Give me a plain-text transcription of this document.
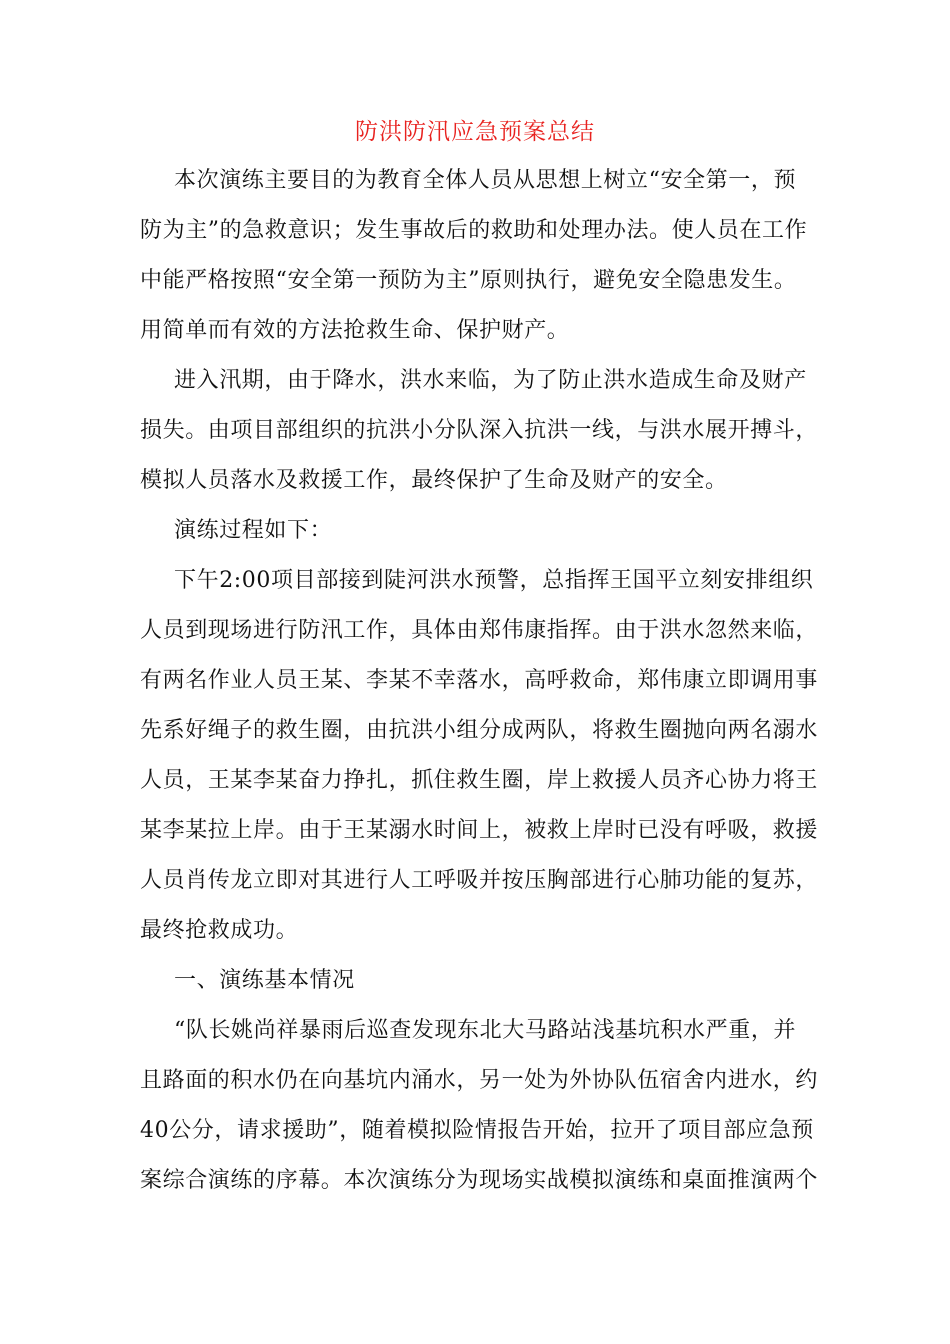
防洪防汛应急预案总结

本次演练主要目的为教育全体人员从思想上树立“安全第一，预
防为主”的急救意识；发生事故后的救助和处理办法。使人员在工作
中能严格按照“安全第一预防为主”原则执行，避免安全隐患发生。
用简单而有效的方法抢救生命、保护财产。

进入汛期，由于降水，洪水来临，为了防止洪水造成生命及财产
损失。由项目部组织的抗洪小分队深入抗洪一线，与洪水展开搏斗，
模拟人员落水及救援工作，最终保护了生命及财产的安全。

演练过程如下：

下午2:00项目部接到陡河洪水预警，总指挥王国平立刻安排组织
人员到现场进行防汛工作，具体由郑伟康指挥。由于洪水忽然来临，
有两名作业人员王某、李某不幸落水，高呼救命，郑伟康立即调用事
先系好绳子的救生圈，由抗洪小组分成两队，将救生圈抛向两名溺水
人员，王某李某奋力挣扎，抓住救生圈，岸上救援人员齐心协力将王
某李某拉上岸。由于王某溺水时间上，被救上岸时已没有呼吸，救援
人员肖传龙立即对其进行人工呼吸并按压胸部进行心肺功能的复苏，
最终抢救成功。

一、演练基本情况

“队长姚尚祥暴雨后巡查发现东北大马路站浅基坑积水严重，并
且路面的积水仍在向基坑内涌水，另一处为外协队伍宿舍内进水，约
40公分，请求援助”，随着模拟险情报告开始，拉开了项目部应急预
案综合演练的序幕。本次演练分为现场实战模拟演练和桌面推演两个
